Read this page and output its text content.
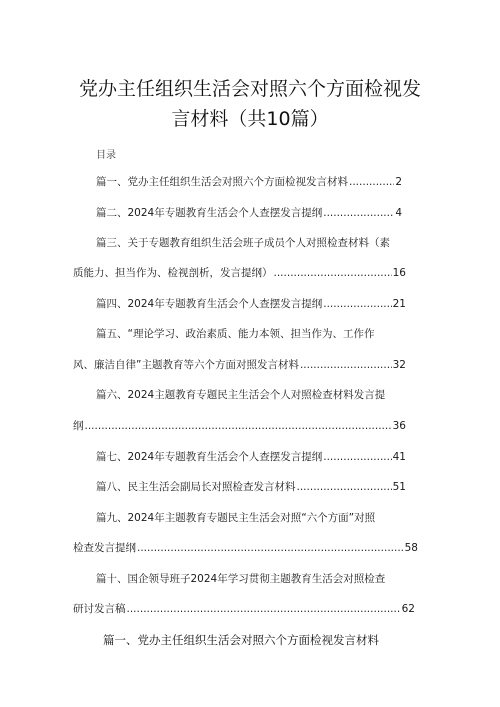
党办主任组织生活会对照六个方面检视发
言材料（共10篇）
目录
篇一、党办主任组织生活会对照六个方面检视发言材料 .....	2
篇二、2024年专题教育生活会个人查摆发言提纲 .....	4
篇三、关于专题教育组织生活会班子成员个人对照检查材料（素
质能力、担当作为、检视剖析，发言提纲） .....	16
篇四、2024年专题教育生活会个人查摆发言提纲 .....	21
篇五、“理论学习、政治素质、能力本领、担当作为、工作作
风、廉洁自律”主题教育等六个方面对照发言材料 .....	32
篇六、2024主题教育专题民主生活会个人对照检查材料发言提
纲 .....	36
篇七、2024年专题教育生活会个人查摆发言提纲 .....	41
篇八、民主生活会副局长对照检查发言材料 .....	51
篇九、2024年主题教育专题民主生活会对照“六个方面”对照
检查发言提纲 .....	58
篇十、国企领导班子2024年学习贯彻主题教育生活会对照检查
研讨发言稿 .....	62
篇一、党办主任组织生活会对照六个方面检视发言材料
